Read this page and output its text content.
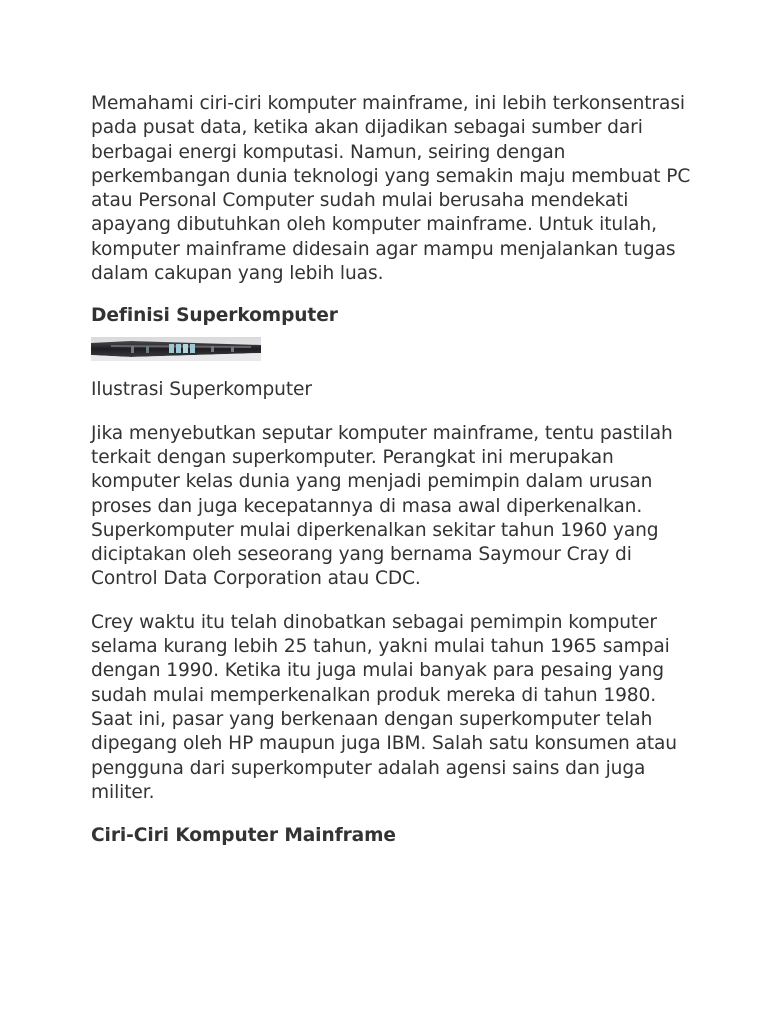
Memahami ciri-ciri komputer mainframe, ini lebih terkonsentrasi pada pusat data, ketika akan dijadikan sebagai sumber dari berbagai energi komputasi. Namun, seiring dengan perkembangan dunia teknologi yang semakin maju membuat PC atau Personal Computer sudah mulai berusaha mendekati apayang dibutuhkan oleh komputer mainframe. Untuk itulah, komputer mainframe didesain agar mampu menjalankan tugas dalam cakupan yang lebih luas.

Definisi Superkomputer

Ilustrasi Superkomputer

Jika menyebutkan seputar komputer mainframe, tentu pastilah terkait dengan superkomputer. Perangkat ini merupakan komputer kelas dunia yang menjadi pemimpin dalam urusan proses dan juga kecepatannya di masa awal diperkenalkan. Superkomputer mulai diperkenalkan sekitar tahun 1960 yang diciptakan oleh seseorang yang bernama Saymour Cray di Control Data Corporation atau CDC.

Crey waktu itu telah dinobatkan sebagai pemimpin komputer selama kurang lebih 25 tahun, yakni mulai tahun 1965 sampai dengan 1990. Ketika itu juga mulai banyak para pesaing yang sudah mulai memperkenalkan produk mereka di tahun 1980. Saat ini, pasar yang berkenaan dengan superkomputer telah dipegang oleh HP maupun juga IBM. Salah satu konsumen atau pengguna dari superkomputer adalah agensi sains dan juga militer.

Ciri-Ciri Komputer Mainframe
